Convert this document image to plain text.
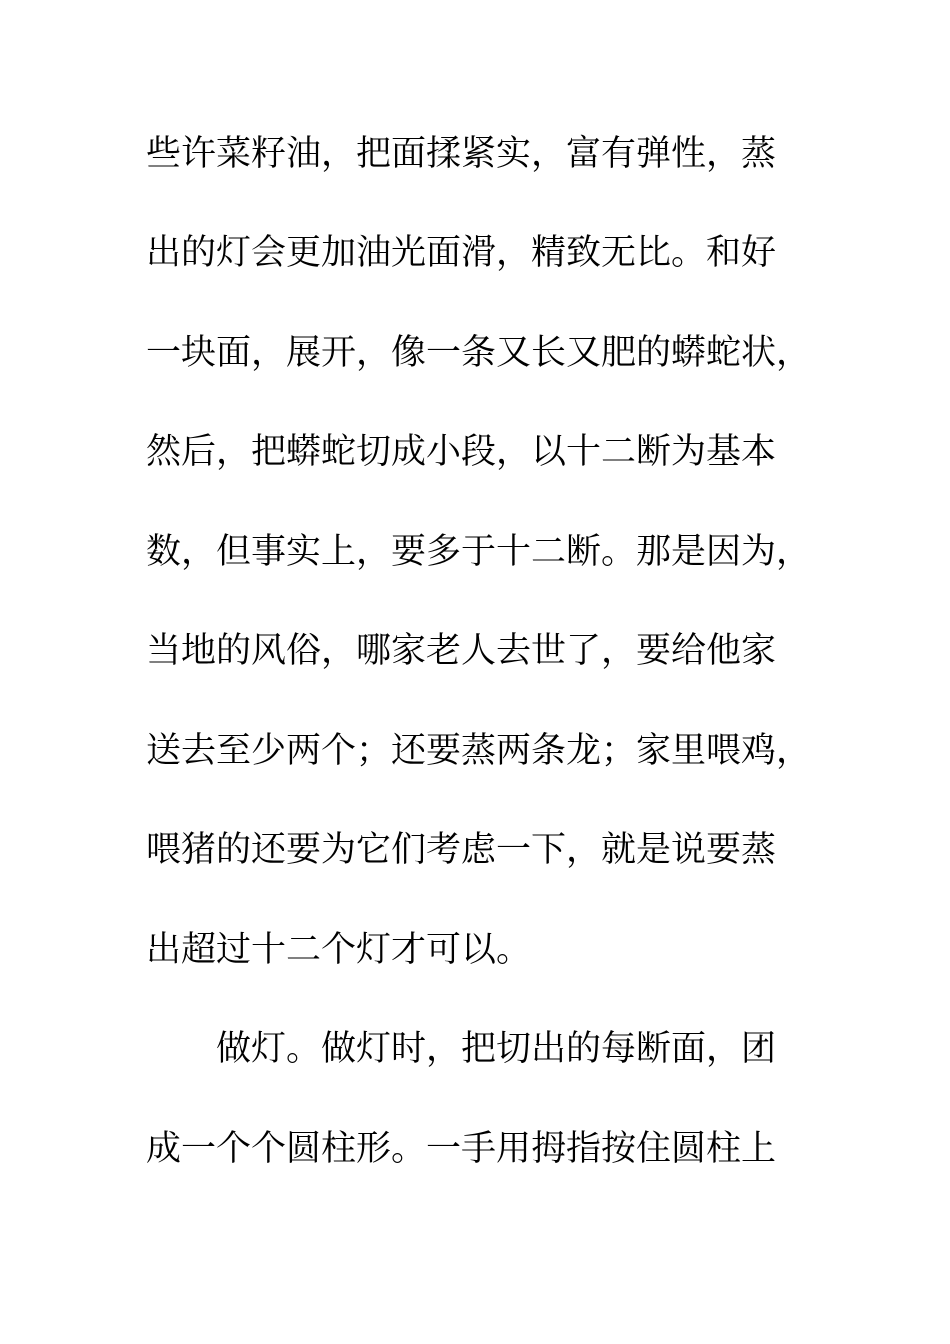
些许菜籽油，把面揉紧实，富有弹性，蒸
出的灯会更加油光面滑，精致无比。和好
一块面，展开，像一条又长又肥的蟒蛇状，
然后，把蟒蛇切成小段，以十二断为基本
数，但事实上，要多于十二断。那是因为，
当地的风俗，哪家老人去世了，要给他家
送去至少两个；还要蒸两条龙；家里喂鸡，
喂猪的还要为它们考虑一下，就是说要蒸
出超过十二个灯才可以。
做灯。做灯时，把切出的每断面，团
成一个个圆柱形。一手用拇指按住圆柱上
